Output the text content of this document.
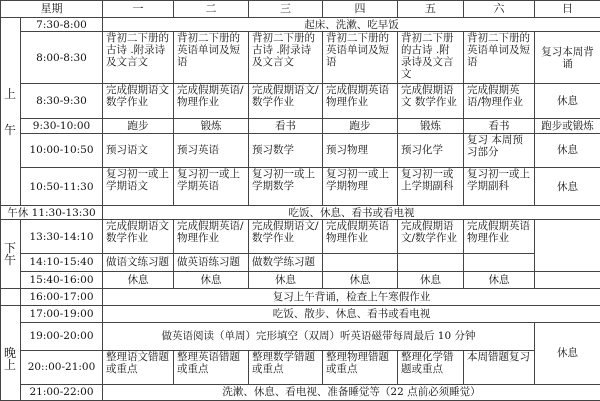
星期		一	二	三	四	五	六	日
上

午	7:30-8:00	起床、洗漱、吃早饭						
	8:00-8:30	背初二下册的古诗 .附录诗及文言文	背初二下册的英语单词及短语	背初二下册的古诗 .附录诗及文言文	背初二下册的英语单词及短语	背初二下册的古诗 .附录诗及文言文	背初二下册的英语单词及短语	复习本周背诵
	8:30-9:30	完成假期语文 数学作业	完成假期英语/物理作业	完成假期语文/数学作业	完成假期英语 物理作业	完成假期语文 数学作业	完成假期英语/物理作业	休息
	9:30-10:00	跑步	锻炼	看书	跑步	锻炼	看书	跑步或锻炼
	10:00-10:50	预习语文	预习英语	预习数学	预习物理	预习化学	复习 本周预习部分	休息
	10:50-11:30	复习初一或上学期语文	复习初一或上学期英语	复习初一或上学期数学	复习初一或上学期物理	复习初一或上学期副科	复习初一或上学期副科	休息
午休 11:30-13:30		吃饭、休息、看书或看电视						
下
午	13:30-14:10	完成假期语文 数学作业	完成假期英语/物理作业	完成假期语文/数学作业	完成假期英语 物理作业	完成假期语文/数学作业	完成假期英语 物理作业	
	14:10-15:40	做语文练习题	做英语练习题	做数学练习题				
	15:40-16:00	休息	休息	休息	休息	休息	休息	
	16:00-17:00	复习上午背诵，检查上午寒假作业						

晚
上	17:00-19:00	吃饭、散步、休息、看书或看电视						
	19:00-20:00	做英语阅读（单周）完形填空（双周）听英语磁带每周最后 10 分钟						休息
	20::00-21:00	整理语文错题或重点	整理英语错题或重点	整理数学错题或重点	整理物理错题或重点	整理化学错题或重点	本周错题复习	
	21:00-22:00	洗漱、休息、看电视、准备睡觉等（22 点前必须睡觉）						
